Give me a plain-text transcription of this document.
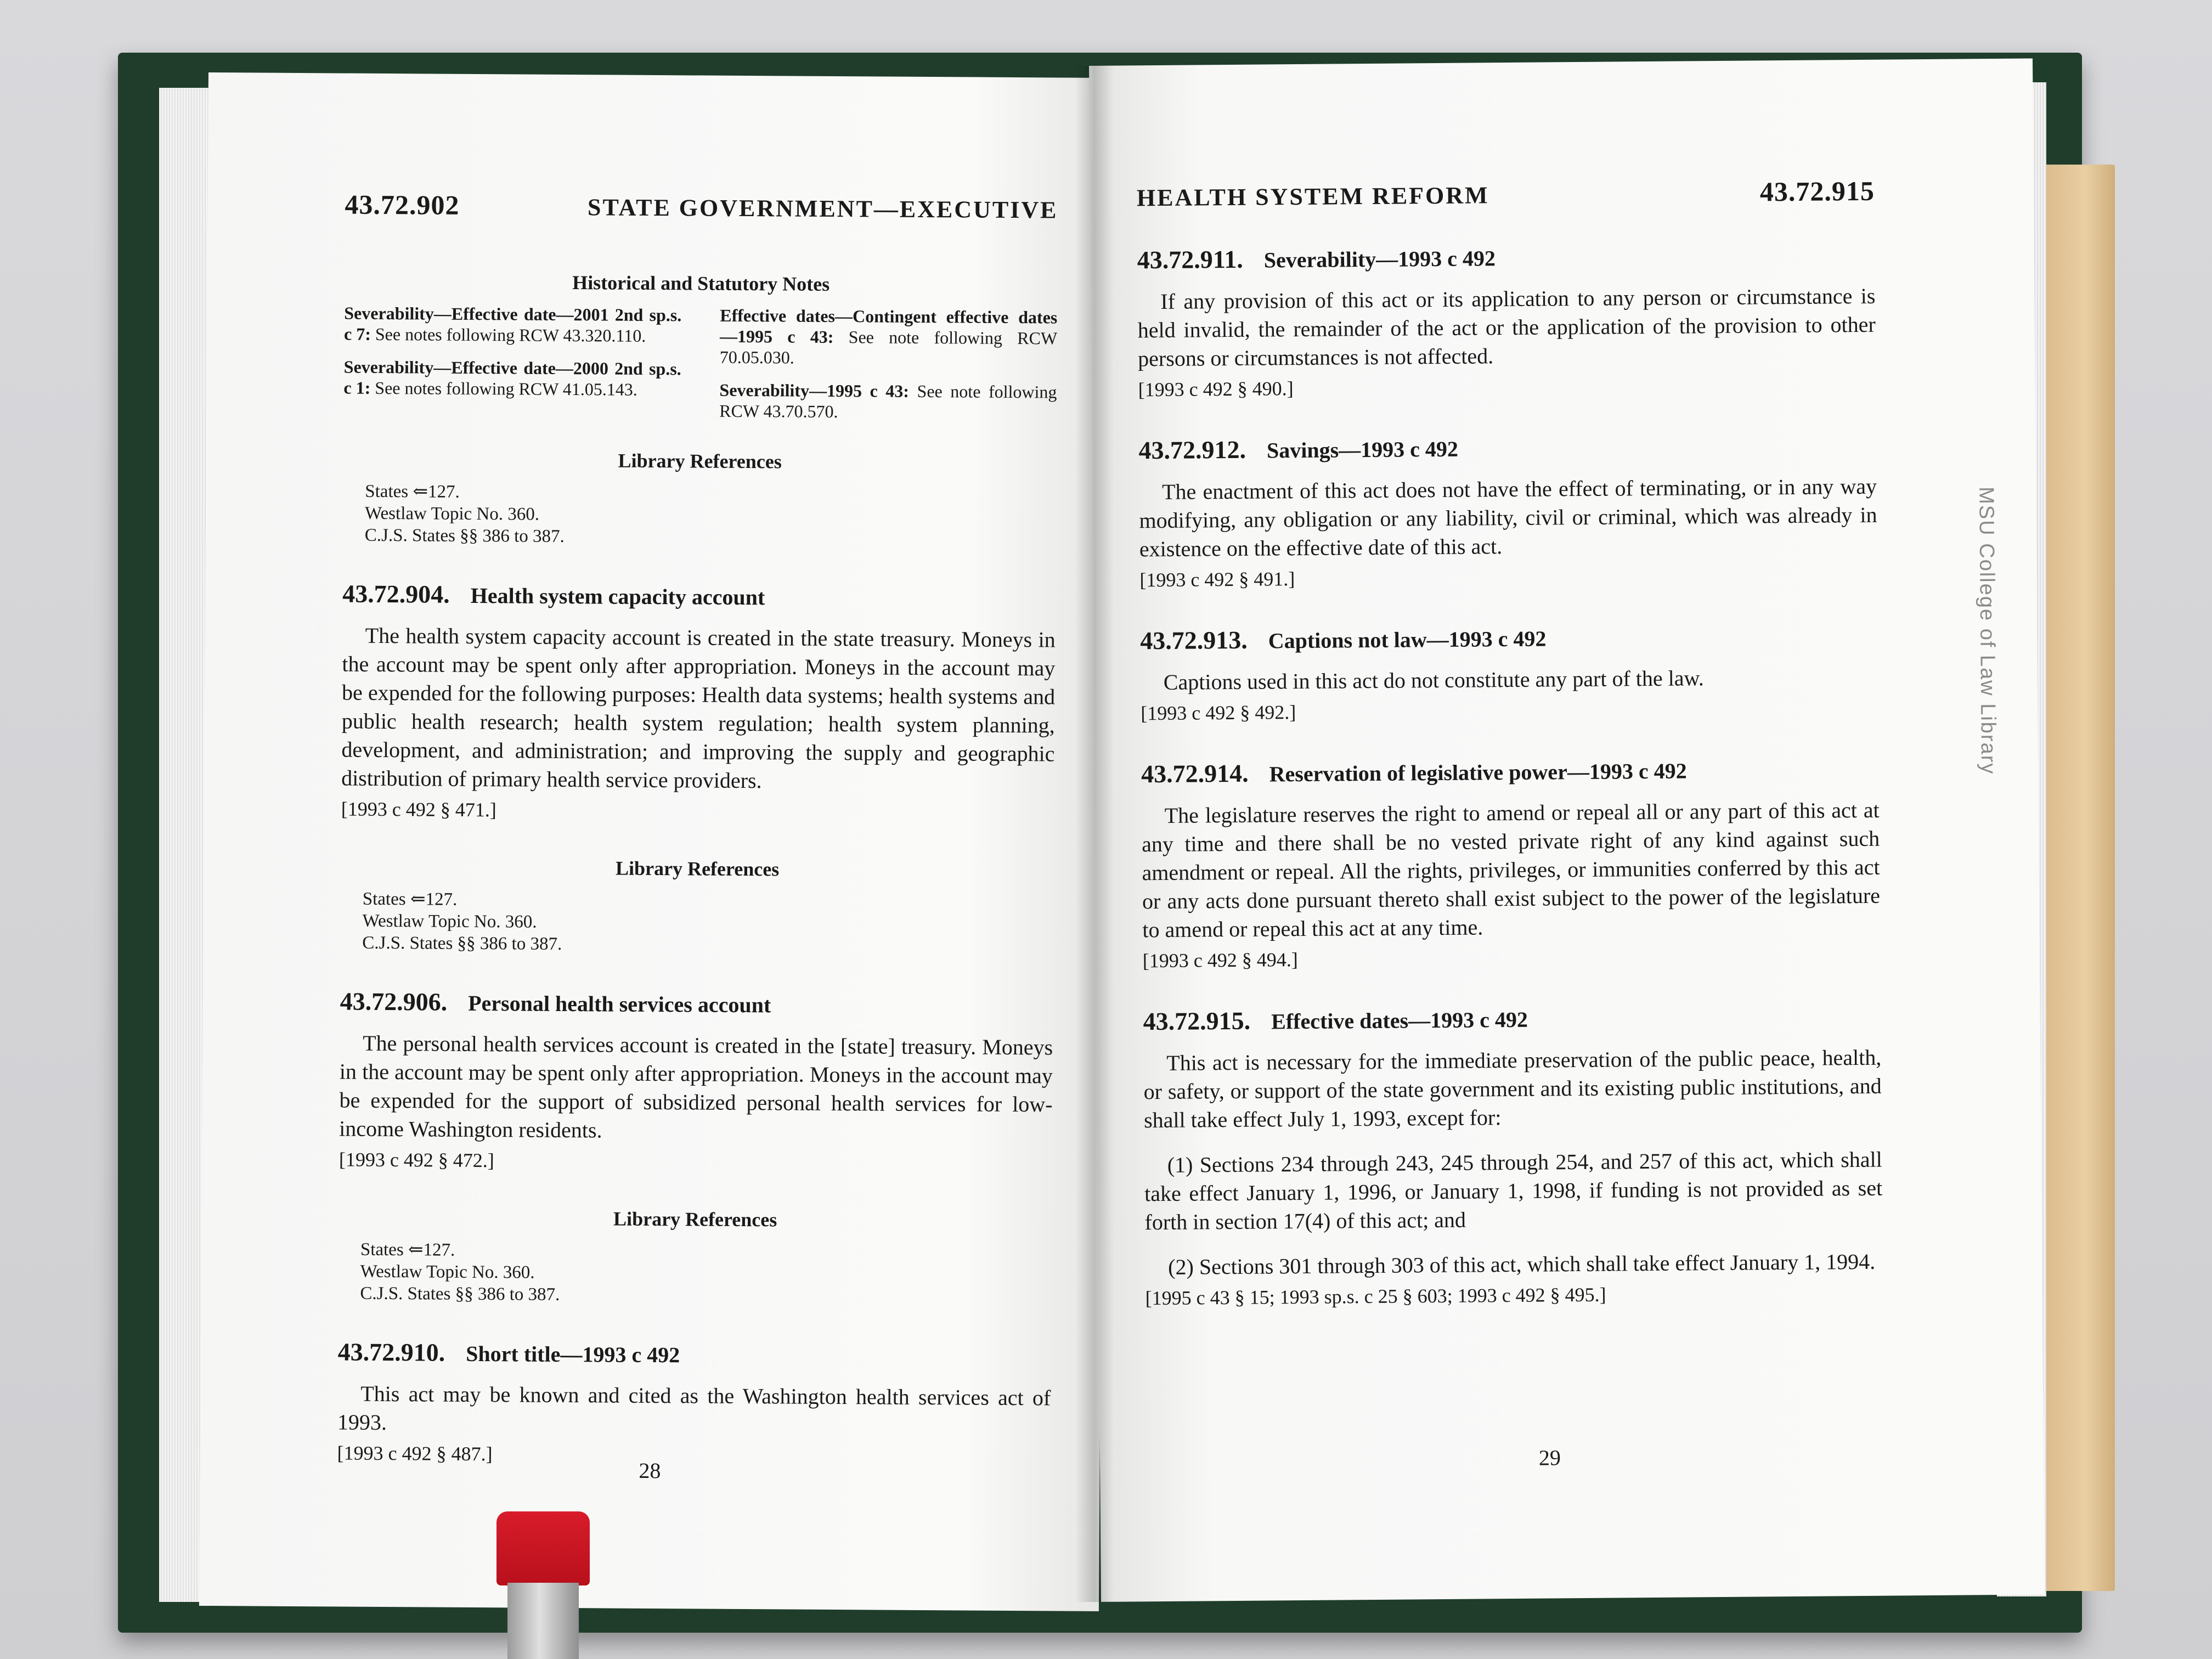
43.72.902	STATE GOVERNMENT—EXECUTIVE
Historical and Statutory Notes
Severability—Effective date—2001 2nd sp.s. c 7: See notes following RCW 43.320.110.
Severability—Effective date—2000 2nd sp.s. c 1: See notes following RCW 41.05.143.
Effective dates—Contingent effective dates—1995 c 43: See note following RCW 70.05.030.
Severability—1995 c 43: See note following RCW 43.70.570.
Library References
States ⇐127.
Westlaw Topic No. 360.
C.J.S. States §§ 386 to 387.
43.72.904. Health system capacity account

The health system capacity account is created in the state treasury. Moneys in the account may be spent only after appropriation. Moneys in the account may be expended for the following purposes: Health data systems; health systems and public health research; health system regulation; health system planning, development, and administration; and improving the supply and geographic distribution of primary health service providers.

[1993 c 492 § 471.]

Library References
States ⇐127.
Westlaw Topic No. 360.
C.J.S. States §§ 386 to 387.
43.72.906. Personal health services account

The personal health services account is created in the [state] treasury. Moneys in the account may be spent only after appropriation. Moneys in the account may be expended for the support of subsidized personal health services for low-income Washington residents.

[1993 c 492 § 472.]

Library References
States ⇐127.
Westlaw Topic No. 360.
C.J.S. States §§ 386 to 387.
43.72.910. Short title—1993 c 492

This act may be known and cited as the Washington health services act of 1993.

[1993 c 492 § 487.]

28
HEALTH SYSTEM REFORM	43.72.915
43.72.911. Severability—1993 c 492

If any provision of this act or its application to any person or circumstance is held invalid, the remainder of the act or the application of the provision to other persons or circumstances is not affected.

[1993 c 492 § 490.]

43.72.912. Savings—1993 c 492

The enactment of this act does not have the effect of terminating, or in any way modifying, any obligation or any liability, civil or criminal, which was already in existence on the effective date of this act.

[1993 c 492 § 491.]

43.72.913. Captions not law—1993 c 492

Captions used in this act do not constitute any part of the law.

[1993 c 492 § 492.]

43.72.914. Reservation of legislative power—1993 c 492

The legislature reserves the right to amend or repeal all or any part of this act at any time and there shall be no vested private right of any kind against such amendment or repeal. All the rights, privileges, or immunities conferred by this act or any acts done pursuant thereto shall exist subject to the power of the legislature to amend or repeal this act at any time.

[1993 c 492 § 494.]

43.72.915. Effective dates—1993 c 492

This act is necessary for the immediate preservation of the public peace, health, or safety, or support of the state government and its existing public institutions, and shall take effect July 1, 1993, except for:

(1) Sections 234 through 243, 245 through 254, and 257 of this act, which shall take effect January 1, 1996, or January 1, 1998, if funding is not provided as set forth in section 17(4) of this act; and

(2) Sections 301 through 303 of this act, which shall take effect January 1, 1994.

[1995 c 43 § 15; 1993 sp.s. c 25 § 603; 1993 c 492 § 495.]

29
MSU College of Law Library
